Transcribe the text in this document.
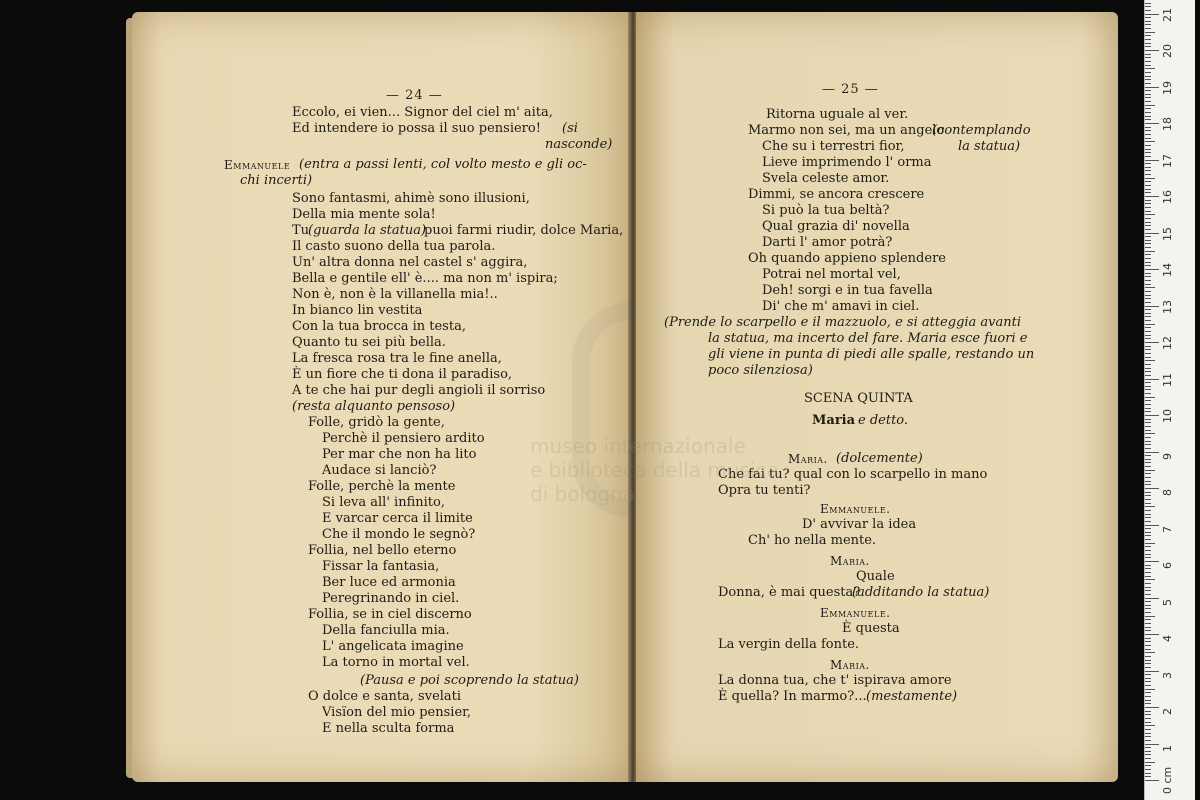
— 24 —
Eccolo, ei vien... Signor del ciel m' aita,
Ed intendere io possa il suo pensiero! (si
nasconde)
Emmanuele (entra a passi lenti, col volto mesto e gli oc-
chi incerti)
Sono fantasmi, ahimè sono illusioni,
Della mia mente sola!
Tu
(guarda la statua)
puoi farmi riudir, dolce Maria,
Il casto suono della tua parola.
Un' altra donna nel castel s' aggira,
Bella e gentile ell' è.... ma non m' ispira;
Non è, non è la villanella mia!..
In bianco lin vestita
Con la tua brocca in testa,
Quanto tu sei più bella.
La fresca rosa tra le fine anella,
È un fiore che ti dona il paradiso,
A te che hai pur degli angioli il sorriso
(resta alquanto pensoso)
Folle, gridò la gente,
Perchè il pensiero ardito
Per mar che non ha lito
Audace si lanciò?
Folle, perchè la mente
Si leva all' infinito,
E varcar cerca il limite
Che il mondo le segnò?
Follia, nel bello eterno
Fissar la fantasia,
Ber luce ed armonia
Peregrinando in ciel.
Follia, se in ciel discerno
Della fanciulla mia.
L' angelicata imagine
La torno in mortal vel.
(Pausa e poi scoprendo la statua)
O dolce e santa, svelati
Visïon del mio pensier,
E nella sculta forma
— 25 —
Ritorna uguale al ver.
Marmo non sei, ma un angelo
(contemplando
Che su i terrestri fior,	la statua)
Lieve imprimendo l' orma
Svela celeste amor.
Dimmi, se ancora crescere
Si può la tua beltà?
Qual grazia di' novella
Darti l' amor potrà?
Oh quando appieno splendere
Potrai nel mortal vel,
Deh! sorgi e in tua favella
Di' che m' amavi in ciel.
(Prende lo scarpello e il mazzuolo, e si atteggia avanti
la statua, ma incerto del fare. Maria esce fuori e
gli viene in punta di piedi alle spalle, restando un
poco silenziosa)
SCENA QUINTA
Maria e detto.
Maria. (dolcemente)
Che fai tu? qual con lo scarpello in mano
Opra tu tenti?
Emmanuele.
D' avvivar la idea
Ch' ho nella mente.
Maria.
Quale
Donna, è mai questa?
(additando la statua)
Emmanuele.
È questa
La vergin della fonte.
Maria.
La donna tua, che t' ispirava amore
È quella? In marmo?... (mestamente)
museo internazionale
e biblioteca della musica
di bologna
0 cm
1
2
3
4
5
6
7
8
9
10
11
12
13
14
15
16
17
18
19
20
21
